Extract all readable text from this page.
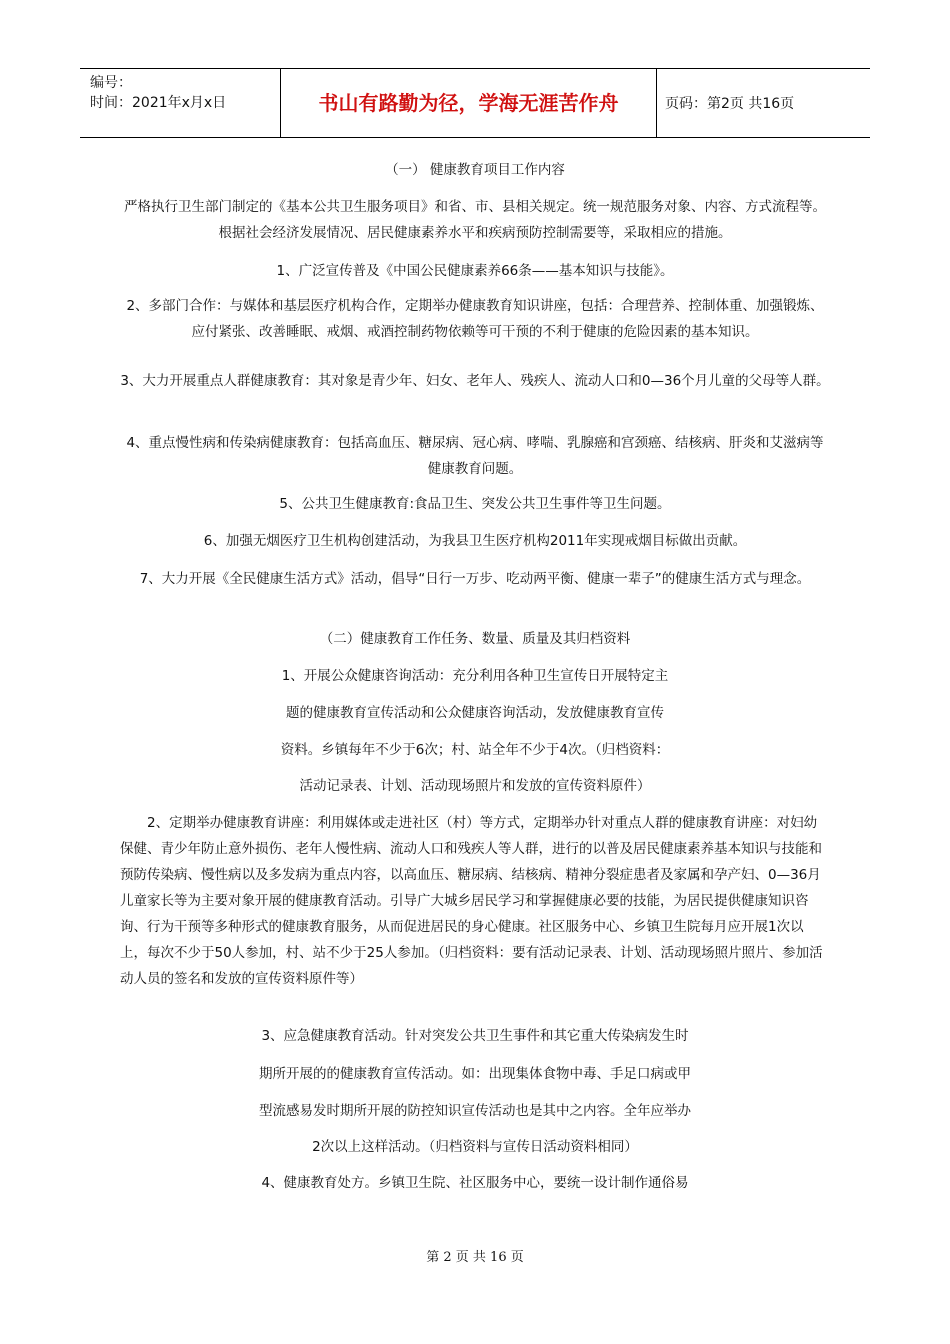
编号：
时间：2021年x月x日	书山有路勤为径，学海无涯苦作舟	页码：第2页 共16页

（一） 健康教育项目工作内容

严格执行卫生部门制定的《基本公共卫生服务项目》和省、市、县相关规定。统一规范服务对象、内容、方式流程等。根据社会经济发展情况、居民健康素养水平和疾病预防控制需要等，采取相应的措施。

1、广泛宣传普及《中国公民健康素养66条——基本知识与技能》。

2、多部门合作：与媒体和基层医疗机构合作，定期举办健康教育知识讲座，包括：合理营养、控制体重、加强锻炼、应付紧张、改善睡眠、戒烟、戒酒控制药物依赖等可干预的不利于健康的危险因素的基本知识。

3、大力开展重点人群健康教育：其对象是青少年、妇女、老年人、残疾人、流动人口和0—36个月儿童的父母等人群。

4、重点慢性病和传染病健康教育：包括高血压、糖尿病、冠心病、哮喘、乳腺癌和宫颈癌、结核病、肝炎和艾滋病等健康教育问题。

5、公共卫生健康教育:食品卫生、突发公共卫生事件等卫生问题。

6、加强无烟医疗卫生机构创建活动，为我县卫生医疗机构2011年实现戒烟目标做出贡献。

7、大力开展《全民健康生活方式》活动，倡导“日行一万步、吃动两平衡、健康一辈子”的健康生活方式与理念。

（二）健康教育工作任务、数量、质量及其归档资料

1、开展公众健康咨询活动：充分利用各种卫生宣传日开展特定主

题的健康教育宣传活动和公众健康咨询活动，发放健康教育宣传

资料。乡镇每年不少于6次；村、站全年不少于4次。（归档资料：

活动记录表、计划、活动现场照片和发放的宣传资料原件）

2、定期举办健康教育讲座：利用媒体或走进社区（村）等方式，定期举办针对重点人群的健康教育讲座：对妇幼保健、青少年防止意外损伤、老年人慢性病、流动人口和残疾人等人群，进行的以普及居民健康素养基本知识与技能和预防传染病、慢性病以及多发病为重点内容，以高血压、糖尿病、结核病、精神分裂症患者及家属和孕产妇、0—36月儿童家长等为主要对象开展的健康教育活动。引导广大城乡居民学习和掌握健康必要的技能，为居民提供健康知识咨询、行为干预等多种形式的健康教育服务，从而促进居民的身心健康。社区服务中心、乡镇卫生院每月应开展1次以上，每次不少于50人参加，村、站不少于25人参加。（归档资料：要有活动记录表、计划、活动现场照片照片、参加活动人员的签名和发放的宣传资料原件等）

3、应急健康教育活动。针对突发公共卫生事件和其它重大传染病发生时

期所开展的的健康教育宣传活动。如：出现集体食物中毒、手足口病或甲

型流感易发时期所开展的防控知识宣传活动也是其中之内容。全年应举办

2次以上这样活动。（归档资料与宣传日活动资料相同）

4、健康教育处方。乡镇卫生院、社区服务中心，要统一设计制作通俗易

第 2 页 共 16 页
